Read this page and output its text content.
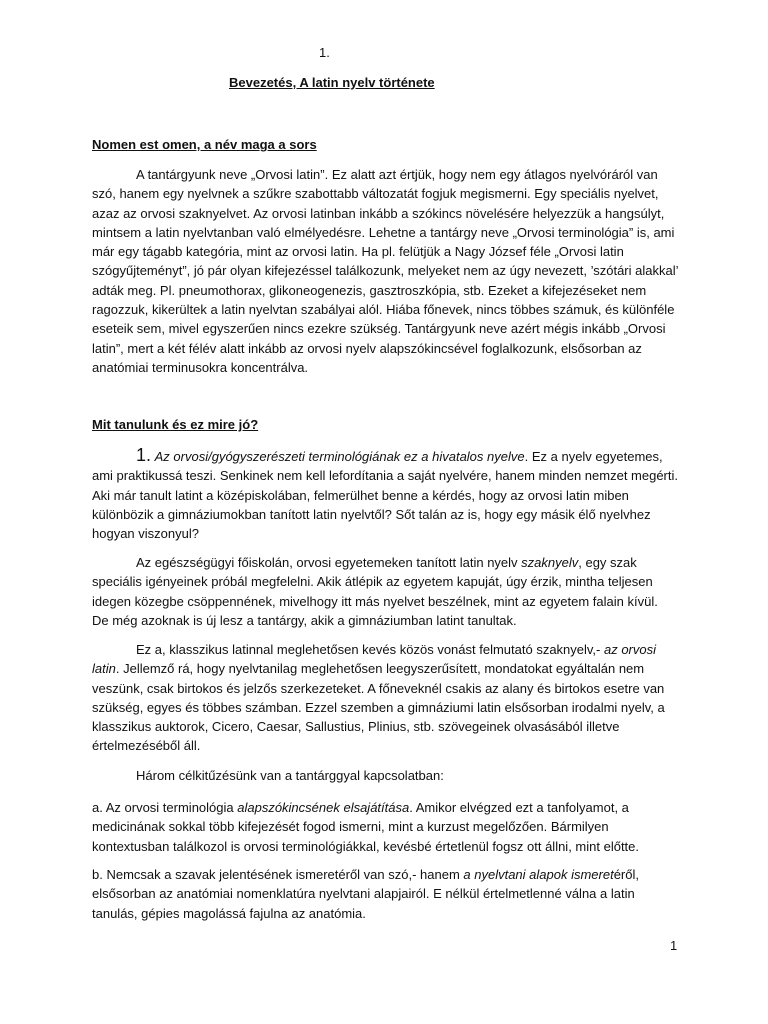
1.
Bevezetés, A latin nyelv története
Nomen est omen, a név maga a sors

A tantárgyunk neve „Orvosi latin”. Ez alatt azt értjük, hogy nem egy átlagos nyelvóráról van szó, hanem egy nyelvnek a szűkre szabottabb változatát fogjuk megismerni. Egy speciális nyelvet, azaz az orvosi szaknyelvet. Az orvosi latinban inkább a szókincs növelésére helyezzük a hangsúlyt, mintsem a latin nyelvtanban való elmélyedésre. Lehetne a tantárgy neve „Orvosi terminológia” is, ami már egy tágabb kategória, mint az orvosi latin. Ha pl. felütjük a Nagy József féle „Orvosi latin szógyűjteményt”, jó pár olyan kifejezéssel találkozunk, melyeket nem az úgy nevezett, ’szótári alakkal’ adták meg. Pl. pneumothorax, glikoneogenezis, gasztroszkópia, stb. Ezeket a kifejezéseket nem ragozzuk, kikerültek a latin nyelvtan szabályai alól. Hiába főnevek, nincs többes számuk, és különféle eseteik sem, mivel egyszerűen nincs ezekre szükség. Tantárgyunk neve azért mégis inkább „Orvosi latin”, mert a két félév alatt inkább az orvosi nyelv alapszókincsével foglalkozunk, elsősorban az anatómiai terminusokra koncentrálva.

Mit tanulunk és ez mire jó?

1. Az orvosi/gyógyszerészeti terminológiának ez a hivatalos nyelve. Ez a nyelv egyetemes, ami praktikussá teszi. Senkinek nem kell lefordítania a saját nyelvére, hanem minden nemzet megérti. Aki már tanult latint a középiskolában, felmerülhet benne a kérdés, hogy az orvosi latin miben különbözik a gimnáziumokban tanított latin nyelvtől? Sőt talán az is, hogy egy másik élő nyelvhez hogyan viszonyul?

Az egészségügyi főiskolán, orvosi egyetemeken tanított latin nyelv szaknyelv, egy szak speciális igényeinek próbál megfelelni. Akik átlépik az egyetem kapuját, úgy érzik, mintha teljesen idegen közegbe csöppennének, mivelhogy itt más nyelvet beszélnek, mint az egyetem falain kívül. De még azoknak is új lesz a tantárgy, akik a gimnáziumban latint tanultak.

Ez a, klasszikus latinnal meglehetősen kevés közös vonást felmutató szaknyelv,- az orvosi latin. Jellemző rá, hogy nyelvtanilag meglehetősen leegyszerűsített, mondatokat egyáltalán nem veszünk, csak birtokos és jelzős szerkezeteket. A főneveknél csakis az alany és birtokos esetre van szükség, egyes és többes számban. Ezzel szemben a gimnáziumi latin elsősorban irodalmi nyelv, a klasszikus auktorok, Cicero, Caesar, Sallustius, Plinius, stb. szövegeinek olvasásából illetve értelmezéséből áll.

Három célkitűzésünk van a tantárggyal kapcsolatban:

a. Az orvosi terminológia alapszókincsének elsajátítása. Amikor elvégzed ezt a tanfolyamot, a medicinának sokkal több kifejezését fogod ismerni, mint a kurzust megelőzően. Bármilyen kontextusban találkozol is orvosi terminológiákkal, kevésbé értetlenül fogsz ott állni, mint előtte.

b. Nemcsak a szavak jelentésének ismeretéről van szó,- hanem a nyelvtani alapok ismeretéről, elsősorban az anatómiai nomenklatúra nyelvtani alapjairól. E nélkül értelmetlenné válna a latin tanulás, gépies magolássá fajulna az anatómia.

1
